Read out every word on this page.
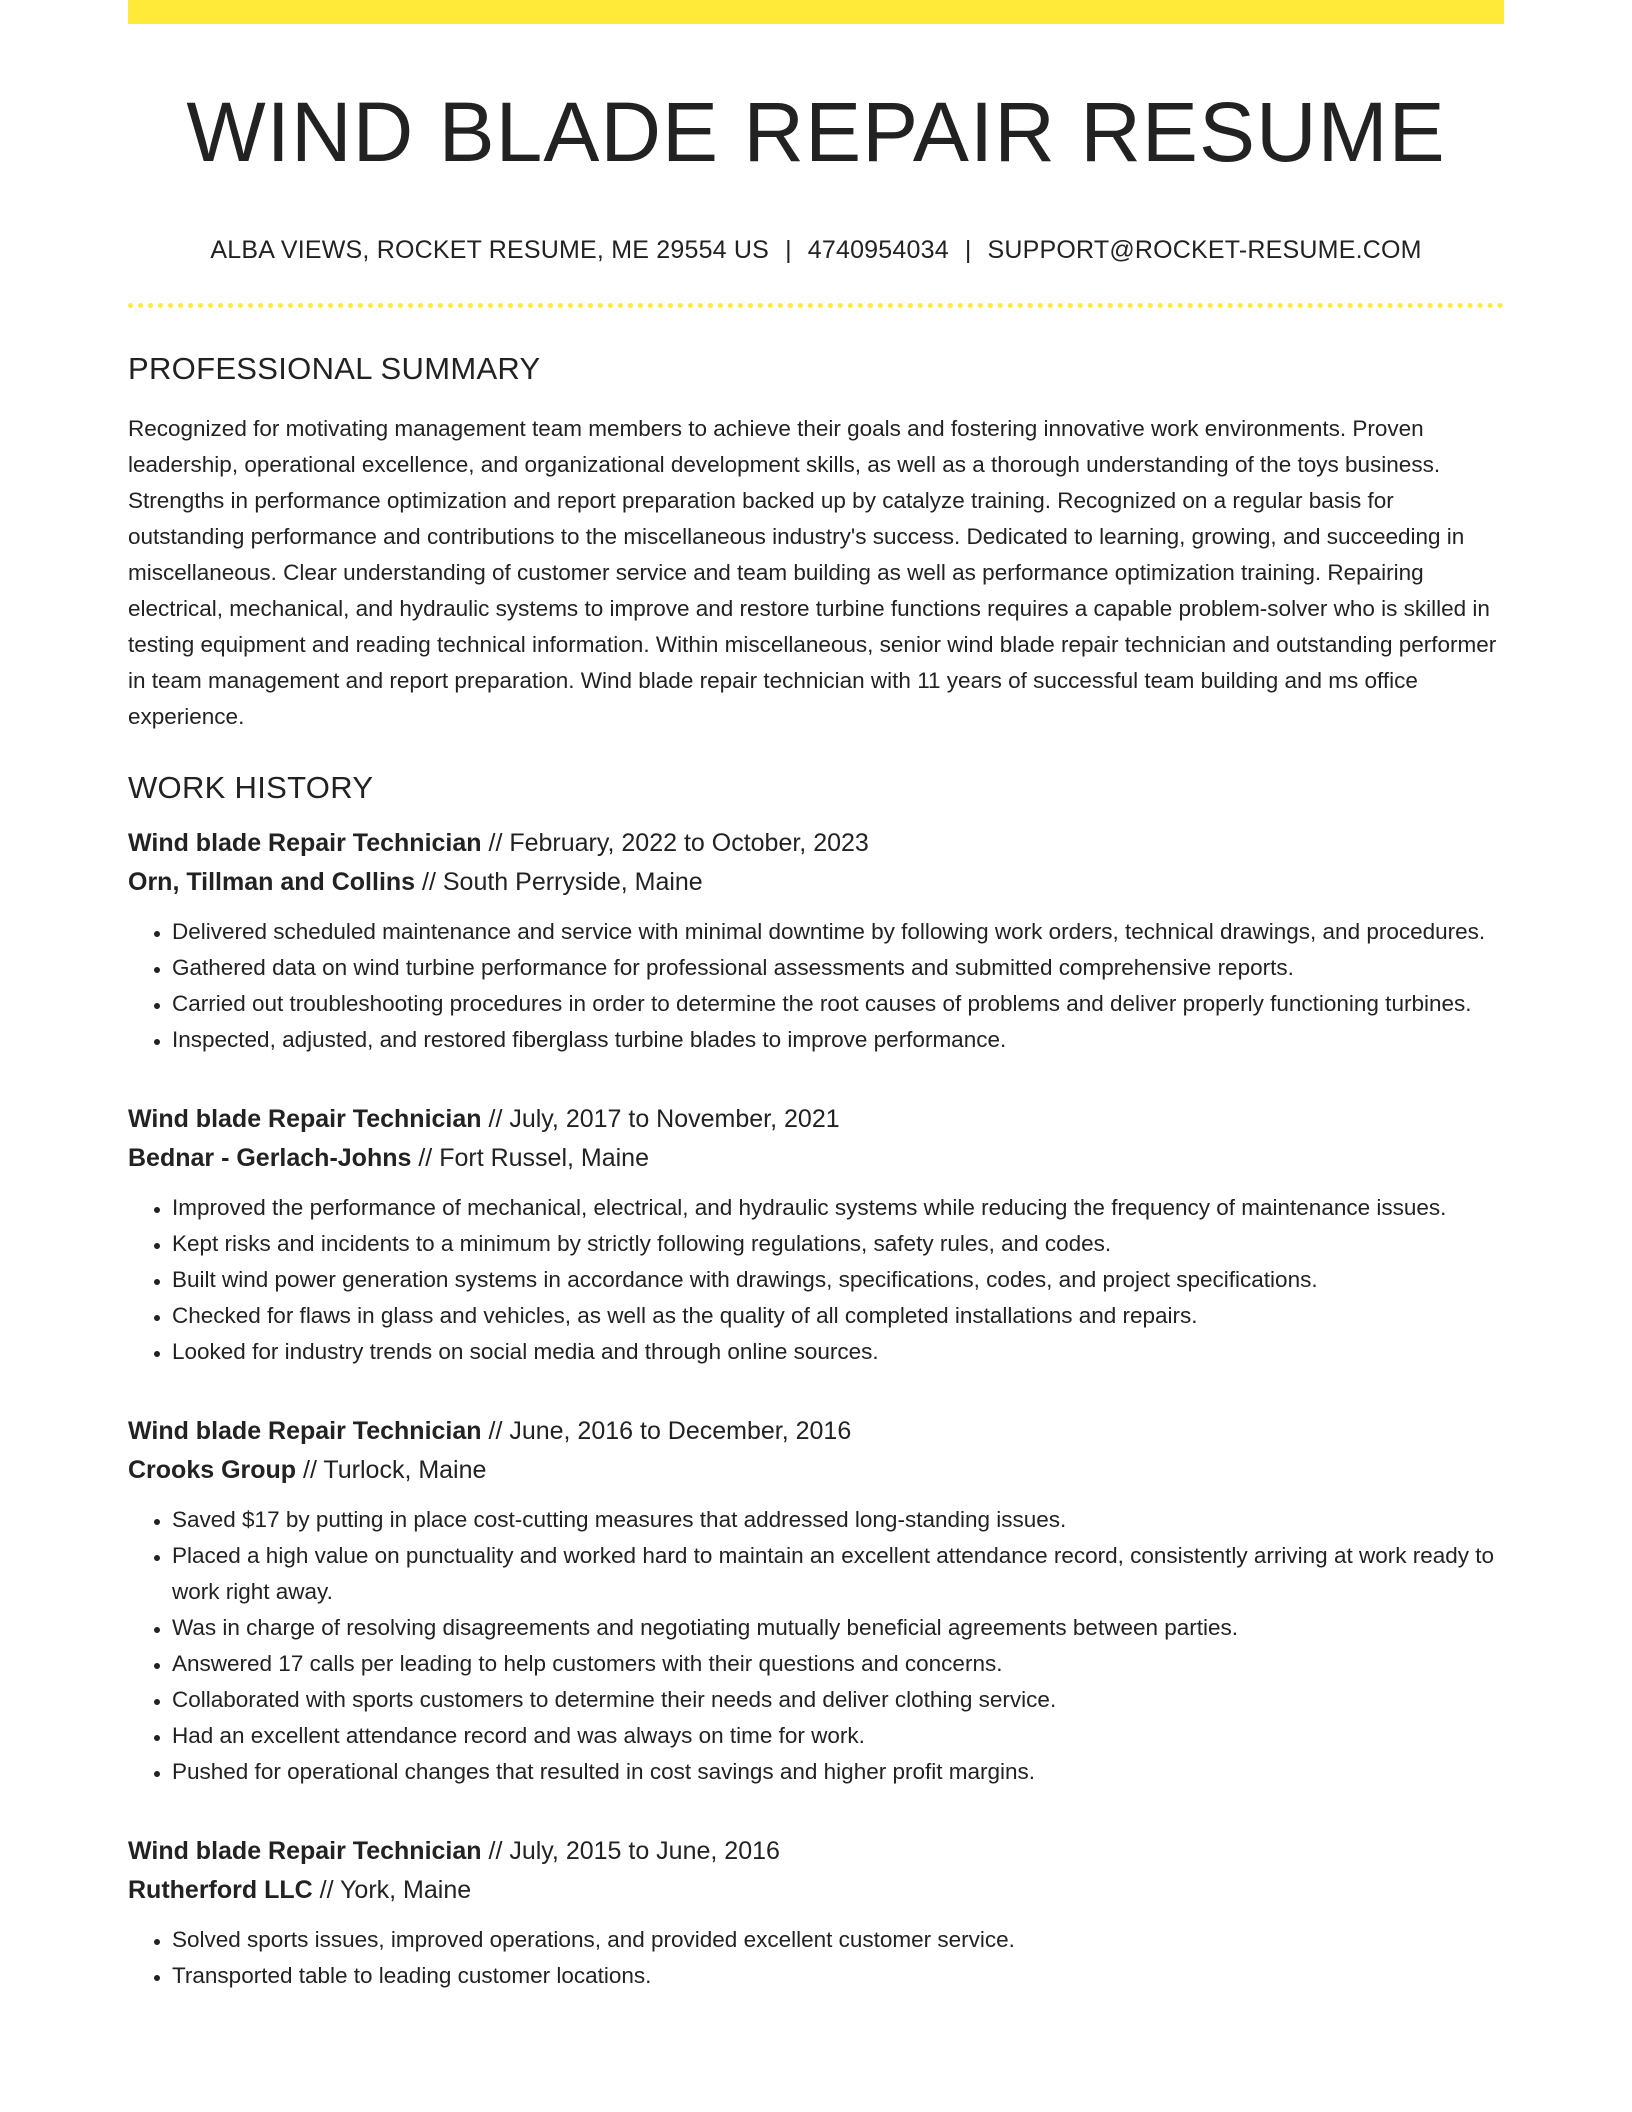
WIND BLADE REPAIR RESUME
ALBA VIEWS, ROCKET RESUME, ME 29554 US | 4740954034 | SUPPORT@ROCKET-RESUME.COM
PROFESSIONAL SUMMARY

Recognized for motivating management team members to achieve their goals and fostering innovative work environments. Proven leadership, operational excellence, and organizational development skills, as well as a thorough understanding of the toys business. Strengths in performance optimization and report preparation backed up by catalyze training. Recognized on a regular basis for outstanding performance and contributions to the miscellaneous industry's success. Dedicated to learning, growing, and succeeding in miscellaneous. Clear understanding of customer service and team building as well as performance optimization training. Repairing electrical, mechanical, and hydraulic systems to improve and restore turbine functions requires a capable problem-solver who is skilled in testing equipment and reading technical information. Within miscellaneous, senior wind blade repair technician and outstanding performer in team management and report preparation. Wind blade repair technician with 11 years of successful team building and ms office experience.

WORK HISTORY
Wind blade Repair Technician // February, 2022 to October, 2023
Orn, Tillman and Collins // South Perryside, Maine
• Delivered scheduled maintenance and service with minimal downtime by following work orders, technical drawings, and procedures.
• Gathered data on wind turbine performance for professional assessments and submitted comprehensive reports.
• Carried out troubleshooting procedures in order to determine the root causes of problems and deliver properly functioning turbines.
• Inspected, adjusted, and restored fiberglass turbine blades to improve performance.
Wind blade Repair Technician // July, 2017 to November, 2021
Bednar - Gerlach-Johns // Fort Russel, Maine
• Improved the performance of mechanical, electrical, and hydraulic systems while reducing the frequency of maintenance issues.
• Kept risks and incidents to a minimum by strictly following regulations, safety rules, and codes.
• Built wind power generation systems in accordance with drawings, specifications, codes, and project specifications.
• Checked for flaws in glass and vehicles, as well as the quality of all completed installations and repairs.
• Looked for industry trends on social media and through online sources.
Wind blade Repair Technician // June, 2016 to December, 2016
Crooks Group // Turlock, Maine
• Saved $17 by putting in place cost-cutting measures that addressed long-standing issues.
• Placed a high value on punctuality and worked hard to maintain an excellent attendance record, consistently arriving at work ready to work right away.
• Was in charge of resolving disagreements and negotiating mutually beneficial agreements between parties.
• Answered 17 calls per leading to help customers with their questions and concerns.
• Collaborated with sports customers to determine their needs and deliver clothing service.
• Had an excellent attendance record and was always on time for work.
• Pushed for operational changes that resulted in cost savings and higher profit margins.
Wind blade Repair Technician // July, 2015 to June, 2016
Rutherford LLC // York, Maine
• Solved sports issues, improved operations, and provided excellent customer service.
• Transported table to leading customer locations.
